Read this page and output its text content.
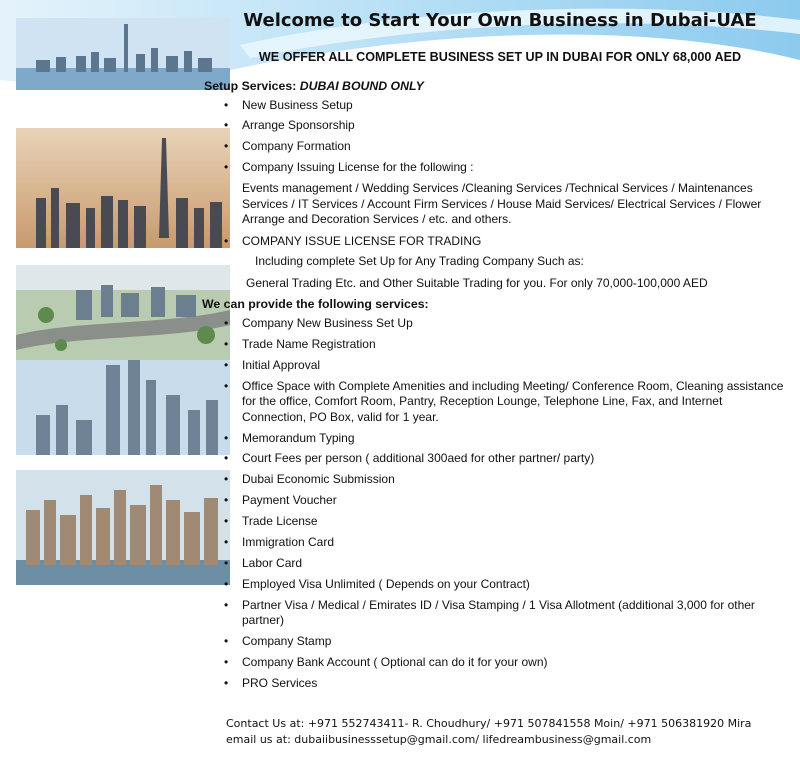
Welcome to Start Your Own Business in Dubai-UAE
WE OFFER ALL COMPLETE BUSINESS SET UP IN DUBAI FOR ONLY 68,000 AED
Setup Services: DUBAI BOUND ONLY
• New Business Setup
• Arrange Sponsorship
• Company Formation
• Company Issuing License for the following :
Events management / Wedding Services /Cleaning Services /Technical Services / Maintenances Services / IT Services / Account Firm Services / House Maid Services/ Electrical Services / Flower Arrange and Decoration Services / etc. and others.
• COMPANY ISSUE LICENSE FOR TRADING
Including complete Set Up for Any Trading Company Such as:
General Trading Etc. and Other Suitable Trading for you. For only 70,000-100,000 AED
We can provide the following services:
• Company New Business Set Up
• Trade Name Registration
• Initial Approval
• Office Space with Complete Amenities and including Meeting/ Conference Room, Cleaning assistance for the office, Comfort Room, Pantry, Reception Lounge, Telephone Line, Fax, and Internet Connection, PO Box, valid for 1 year.
• Memorandum Typing
• Court Fees per person ( additional 300aed for other partner/ party)
• Dubai Economic Submission
• Payment Voucher
• Trade License
• Immigration Card
• Labor Card
• Employed Visa Unlimited ( Depends on your Contract)
• Partner Visa / Medical / Emirates ID / Visa Stamping / 1 Visa Allotment (additional 3,000 for other partner)
• Company Stamp
• Company Bank Account ( Optional can do it for your own)
• PRO Services
Contact Us at: +971 552743411- R. Choudhury/ +971 507841558 Moin/ +971 506381920 Mira
email us at: dubaiibusinesssetup@gmail.com/ lifedreambusiness@gmail.com
